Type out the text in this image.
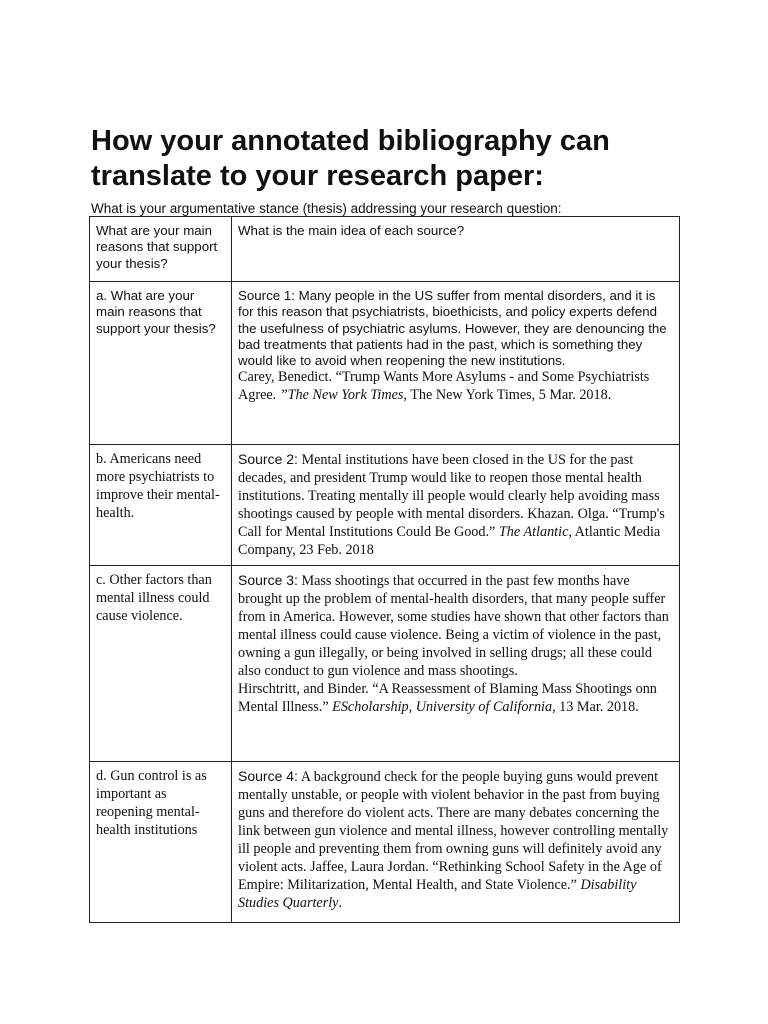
How your annotated bibliography can translate to your research paper:
What is your argumentative stance (thesis) addressing your research question:

What are your main reasons that support your thesis?	What is the main idea of each source?

a. What are your main reasons that support your thesis?	Source 1: Many people in the US suffer from mental disorders, and it is for this reason that psychiatrists, bioethicists, and policy experts defend the usefulness of psychiatric asylums. However, they are denouncing the bad treatments that patients had in the past, which is something they would like to avoid when reopening the new institutions.

Carey, Benedict. “Trump Wants More Asylums - and Some Psychiatrists Agree. ”The New York Times, The New York Times, 5 Mar. 2018.

b. Americans need more psychiatrists to improve their mental-health.	Source 2: Mental institutions have been closed in the US for the past decades, and president Trump would like to reopen those mental health institutions. Treating mentally ill people would clearly help avoiding mass shootings caused by people with mental disorders. Khazan. Olga. “Trump's Call for Mental Institutions Could Be Good.” The Atlantic, Atlantic Media Company, 23 Feb. 2018

c. Other factors than mental illness could cause violence.	Source 3: Mass shootings that occurred in the past few months have brought up the problem of mental-health disorders, that many people suffer from in America. However, some studies have shown that other factors than mental illness could cause violence. Being a victim of violence in the past, owning a gun illegally, or being involved in selling drugs; all these could also conduct to gun violence and mass shootings.

Hirschtritt, and Binder. “A Reassessment of Blaming Mass Shootings onn Mental Illness.” EScholarship, University of California, 13 Mar. 2018.

d. Gun control is as important as reopening mental-health institutions	Source 4: A background check for the people buying guns would prevent mentally unstable, or people with violent behavior in the past from buying guns and therefore do violent acts. There are many debates concerning the link between gun violence and mental illness, however controlling mentally ill people and preventing them from owning guns will definitely avoid any violent acts. Jaffee, Laura Jordan. “Rethinking School Safety in the Age of Empire: Militarization, Mental Health, and State Violence.” Disability Studies Quarterly.
